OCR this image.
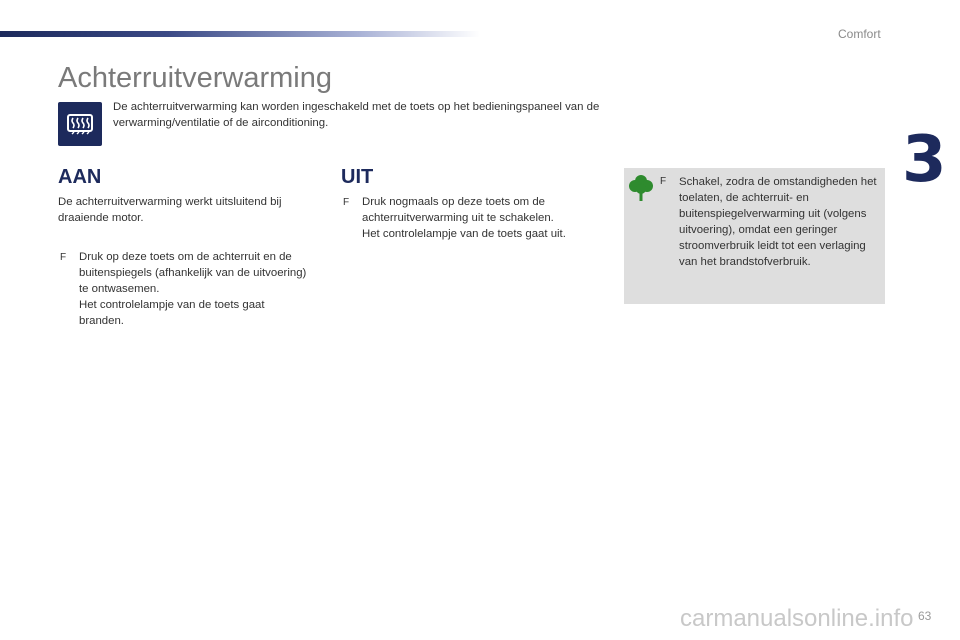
Comfort
3
Achterruitverwarming
De achterruitverwarming kan worden ingeschakeld met de toets op het bedieningspaneel van de verwarming/ventilatie of de airconditioning.
AAN
De achterruitverwarming werkt uitsluitend bij draaiende motor.
F Druk op deze toets om de achterruit en de buitenspiegels (afhankelijk van de uitvoering) te ontwasemen.
Het controlelampje van de toets gaat branden.
UIT
F Druk nogmaals op deze toets om de achterruitverwarming uit te schakelen.
Het controlelampje van de toets gaat uit.
F Schakel, zodra de omstandigheden het toelaten, de achterruit- en buitenspiegelverwarming uit (volgens uitvoering), omdat een geringer stroomverbruik leidt tot een verlaging van het brandstofverbruik.
carmanualsonline.info 63
